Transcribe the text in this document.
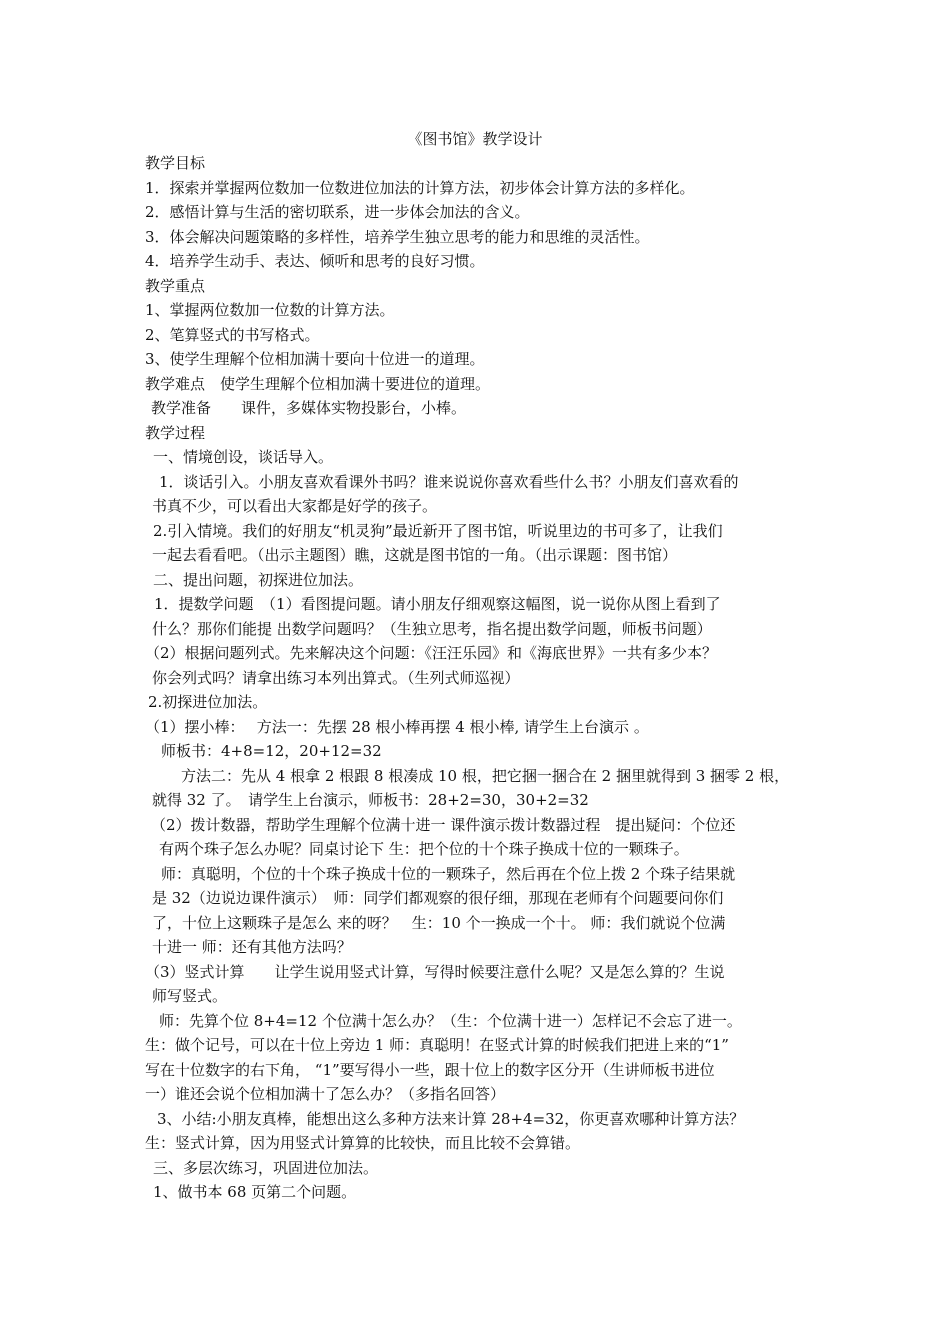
《图书馆》教学设计
教学目标
1．探索并掌握两位数加一位数进位加法的计算方法，初步体会计算方法的多样化。
2．感悟计算与生活的密切联系，进一步体会加法的含义。
3．体会解决问题策略的多样性，培养学生独立思考的能力和思维的灵活性。
4．培养学生动手、表达、倾听和思考的良好习惯。
教学重点
1、掌握两位数加一位数的计算方法。
2、笔算竖式的书写格式。
3、使学生理解个位相加满十要向十位进一的道理。
教学难点　使学生理解个位相加满十要进位的道理。
教学准备　　课件，多媒体实物投影台，小棒。
教学过程
一、情境创设，谈话导入。
1．谈话引入。小朋友喜欢看课外书吗？谁来说说你喜欢看些什么书？小朋友们喜欢看的
书真不少，可以看出大家都是好学的孩子。
2.引入情境。我们的好朋友“机灵狗”最近新开了图书馆，听说里边的书可多了，让我们
一起去看看吧。（出示主题图）瞧，这就是图书馆的一角。（出示课题：图书馆）
二、提出问题，初探进位加法。
1．提数学问题　（1）看图提问题。请小朋友仔细观察这幅图，说一说你从图上看到了
什么？那你们能提 出数学问题吗？（生独立思考，指名提出数学问题，师板书问题）
（2）根据问题列式。先来解决这个问题：《汪汪乐园》和《海底世界》一共有多少本？
你会列式吗？请拿出练习本列出算式。（生列式师巡视）
2.初探进位加法。
（1）摆小棒：　 方法一：先摆 28 根小棒再摆 4 根小棒, 请学生上台演示 。
师板书：4+8=12，20+12=32
方法二：先从 4 根拿 2 根跟 8 根凑成 10 根，把它捆一捆合在 2 捆里就得到 3 捆零 2 根，
就得 32 了。　请学生上台演示，师板书：28+2=30，30+2=32
（2）拨计数器，帮助学生理解个位满十进一 课件演示拨计数器过程　提出疑问：个位还
有两个珠子怎么办呢？同桌讨论下 生：把个位的十个珠子换成十位的一颗珠子。
师：真聪明，个位的十个珠子换成十位的一颗珠子，然后再在个位上拨 2 个珠子结果就
是 32（边说边课件演示）　师：同学们都观察的很仔细，那现在老师有个问题要问你们
了，十位上这颗珠子是怎么 来的呀？　生：10 个一换成一个十。 师：我们就说个位满
十进一 师：还有其他方法吗？
（3）竖式计算　　让学生说用竖式计算，写得时候要注意什么呢？又是怎么算的？生说
师写竖式。
师：先算个位 8+4=12 个位满十怎么办？（生：个位满十进一）怎样记不会忘了进一。
生：做个记号，可以在十位上旁边 1 师：真聪明！在竖式计算的时候我们把进上来的“1”
写在十位数字的右下角， “1”要写得小一些，跟十位上的数字区分开（生讲师板书进位
一）谁还会说个位相加满十了怎么办？（多指名回答）
3、小结:小朋友真棒，能想出这么多种方法来计算 28+4=32，你更喜欢哪种计算方法？
生：竖式计算，因为用竖式计算算的比较快，而且比较不会算错。
三、多层次练习，巩固进位加法。
1、做书本 68 页第二个问题。
